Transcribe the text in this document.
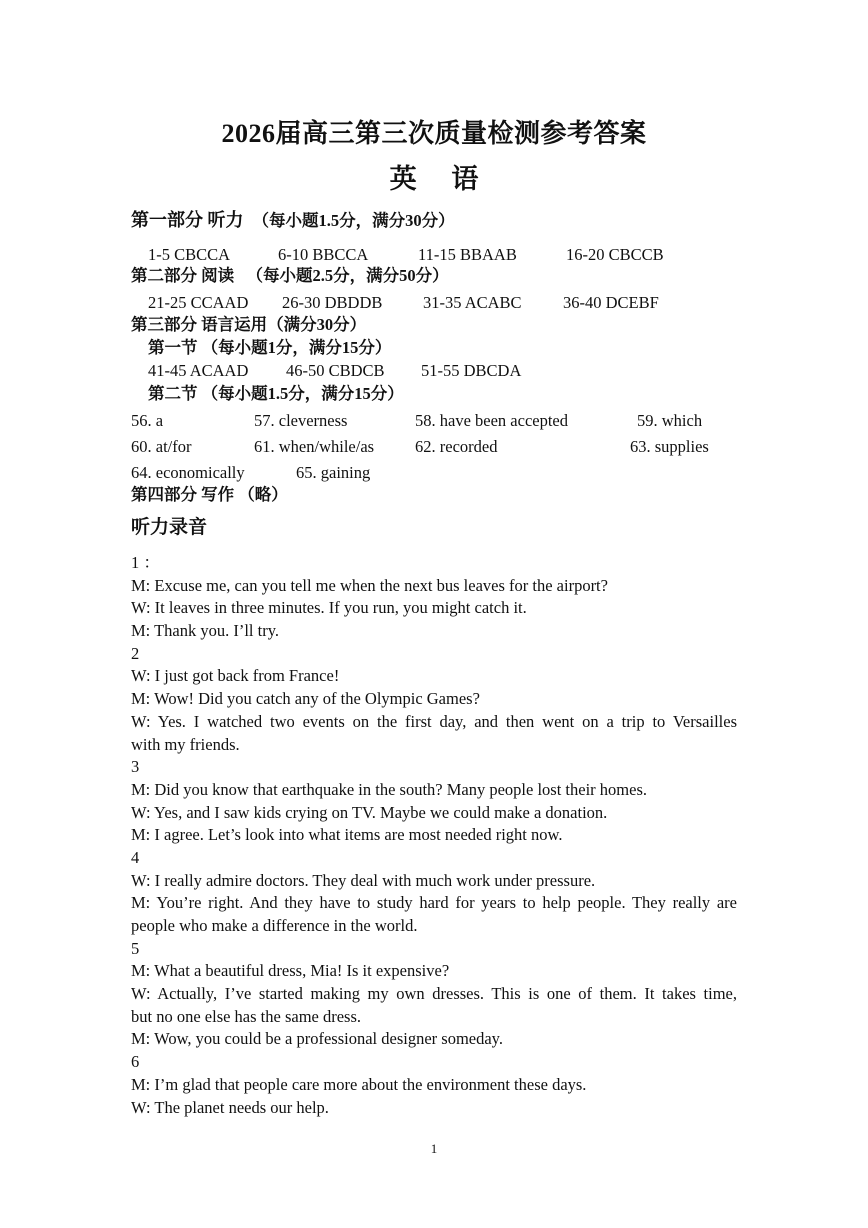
2026届高三第三次质量检测参考答案
英 语
第一部分 听力 （每小题1.5分，满分30分）
1-5 CBCCA	6-10 BBCCA	11-15 BBAAB	16-20 CBCCB
第二部分 阅读 （每小题2.5分，满分50分）
21-25 CCAAD 26-30 DBDDB 31-35 ACABC	36-40 DCEBF
第三部分 语言运用（满分30分）
第一节 （每小题1分，满分15分）
41-45 ACAAD 46-50 CBDCB 51-55 DBCDA
第二节 （每小题1.5分，满分15分）
56. a	57. cleverness	58. have been accepted	59. which
60. at/for	61. when/while/as 62. recorded	63. supplies
64. economically	65. gaining
第四部分 写作 （略）
听力录音
1 ：
M: Excuse me, can you tell me when the next bus leaves for the airport?
W: It leaves in three minutes. If you run, you might catch it.
M: Thank you. I’ll try.
2
W: I just got back from France!
M: Wow! Did you catch any of the Olympic Games?
W: Yes. I watched two events on the first day, and then went on a trip to Versailles
with my friends.
3
M: Did you know that earthquake in the south? Many people lost their homes.
W: Yes, and I saw kids crying on TV. Maybe we could make a donation.
M: I agree. Let’s look into what items are most needed right now.
4
W: I really admire doctors. They deal with much work under pressure.
M: You’re right. And they have to study hard for years to help people. They really are
people who make a difference in the world.
5
M: What a beautiful dress, Mia! Is it expensive?
W: Actually, I’ve started making my own dresses. This is one of them. It takes time,
but no one else has the same dress.
M: Wow, you could be a professional designer someday.
6
M: I’m glad that people care more about the environment these days.
W: The planet needs our help.
1
